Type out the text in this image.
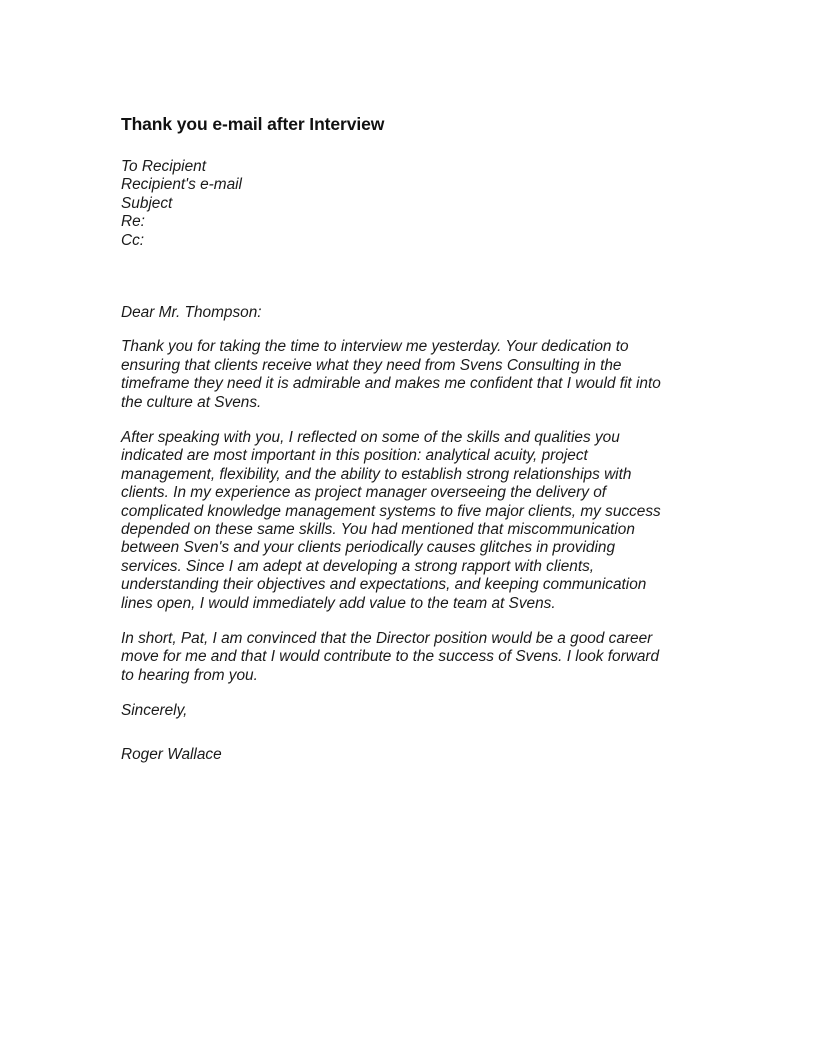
Thank you e-mail after Interview
To Recipient
Recipient's e-mail
Subject
Re:
Cc:
Dear Mr. Thompson:

Thank you for taking the time to interview me yesterday. Your dedication to
ensuring that clients receive what they need from Svens Consulting in the
timeframe they need it is admirable and makes me confident that I would fit into
the culture at Svens.

After speaking with you, I reflected on some of the skills and qualities you
indicated are most important in this position: analytical acuity, project
management, flexibility, and the ability to establish strong relationships with
clients. In my experience as project manager overseeing the delivery of
complicated knowledge management systems to five major clients, my success
depended on these same skills. You had mentioned that miscommunication
between Sven's and your clients periodically causes glitches in providing
services. Since I am adept at developing a strong rapport with clients,
understanding their objectives and expectations, and keeping communication
lines open, I would immediately add value to the team at Svens.

In short, Pat, I am convinced that the Director position would be a good career
move for me and that I would contribute to the success of Svens. I look forward
to hearing from you.

Sincerely,
Roger Wallace
